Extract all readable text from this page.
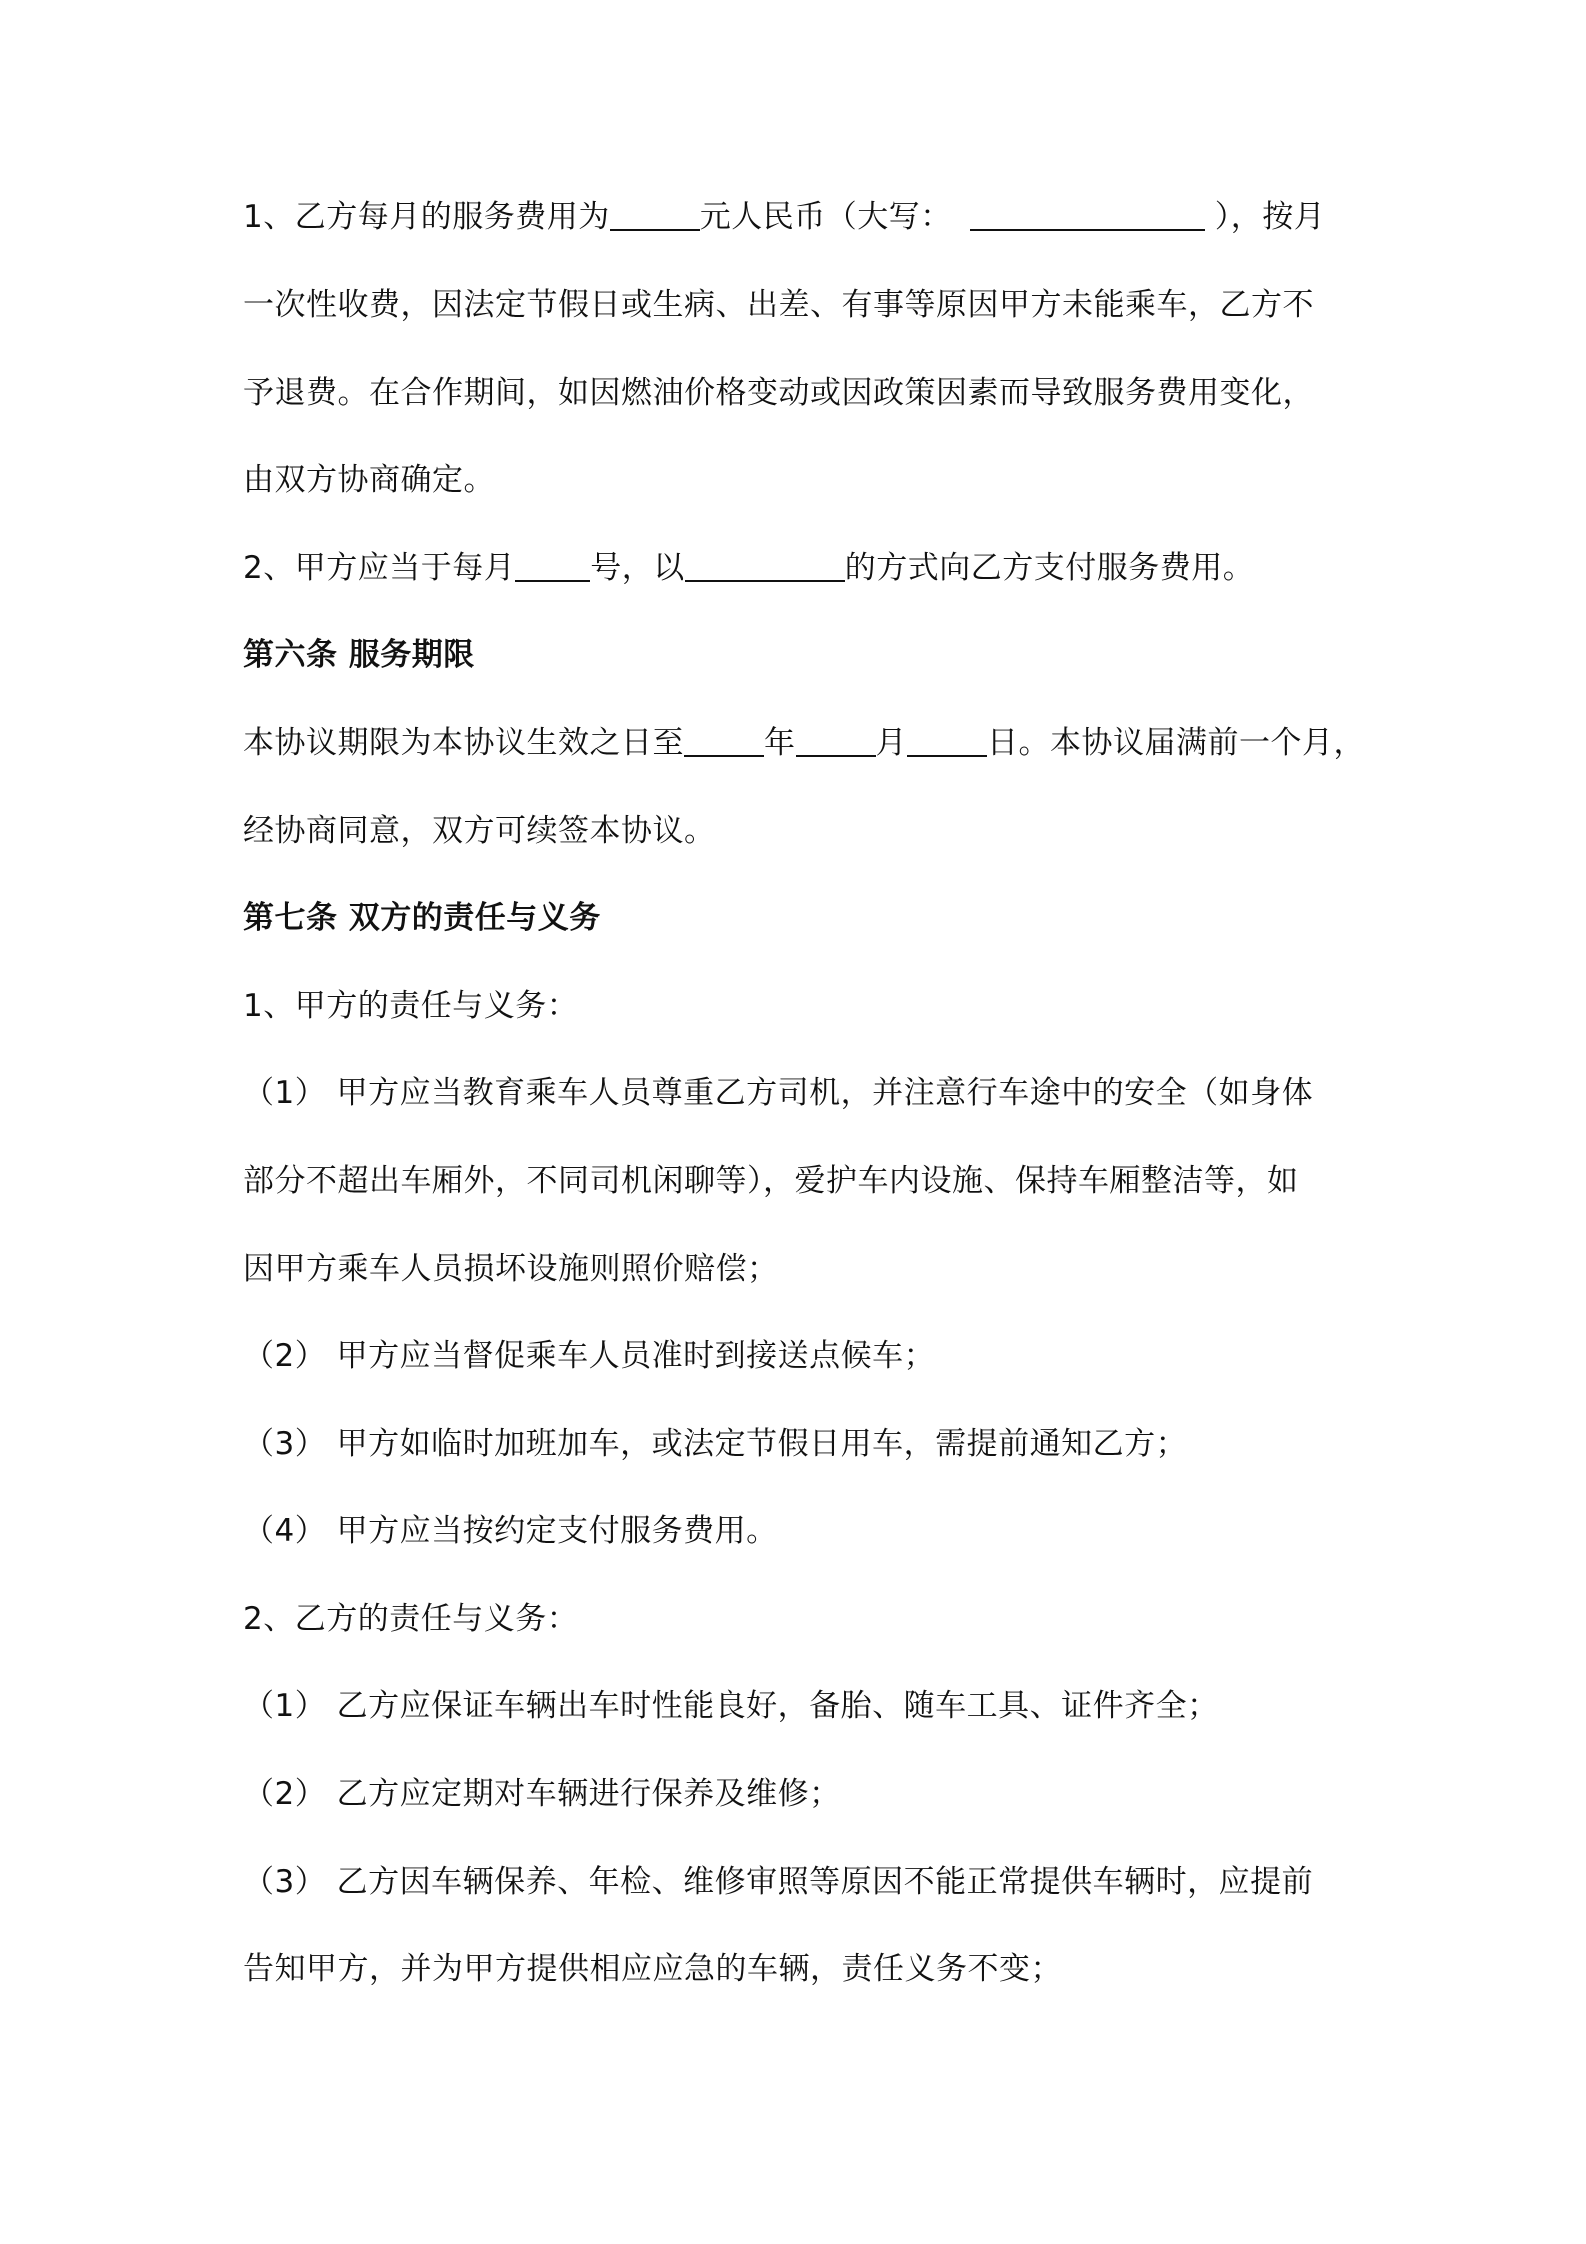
1、乙方每月的服务费用为	元人民币（大写：	），按月
一次性收费，因法定节假日或生病、出差、有事等原因甲方未能乘车，乙方不
予退费。在合作期间，如因燃油价格变动或因政策因素而导致服务费用变化，
由双方协商确定。
2、甲方应当于每月 号，以	的方式向乙方支付服务费用。
第六条 服务期限
本协议期限为本协议生效之日至	年	月	日。本协议届满前一个月，
经协商同意，双方可续签本协议。
第七条 双方的责任与义务
1、甲方的责任与义务：
（1） 甲方应当教育乘车人员尊重乙方司机，并注意行车途中的安全（如身体
部分不超出车厢外，不同司机闲聊等），爱护车内设施、保持车厢整洁等，如
因甲方乘车人员损坏设施则照价赔偿；
（2） 甲方应当督促乘车人员准时到接送点候车；
（3） 甲方如临时加班加车，或法定节假日用车，需提前通知乙方；
（4） 甲方应当按约定支付服务费用。
2、乙方的责任与义务：
（1） 乙方应保证车辆出车时性能良好，备胎、随车工具、证件齐全；
（2） 乙方应定期对车辆进行保养及维修；
（3） 乙方因车辆保养、年检、维修审照等原因不能正常提供车辆时，应提前
告知甲方，并为甲方提供相应应急的车辆，责任义务不变；
